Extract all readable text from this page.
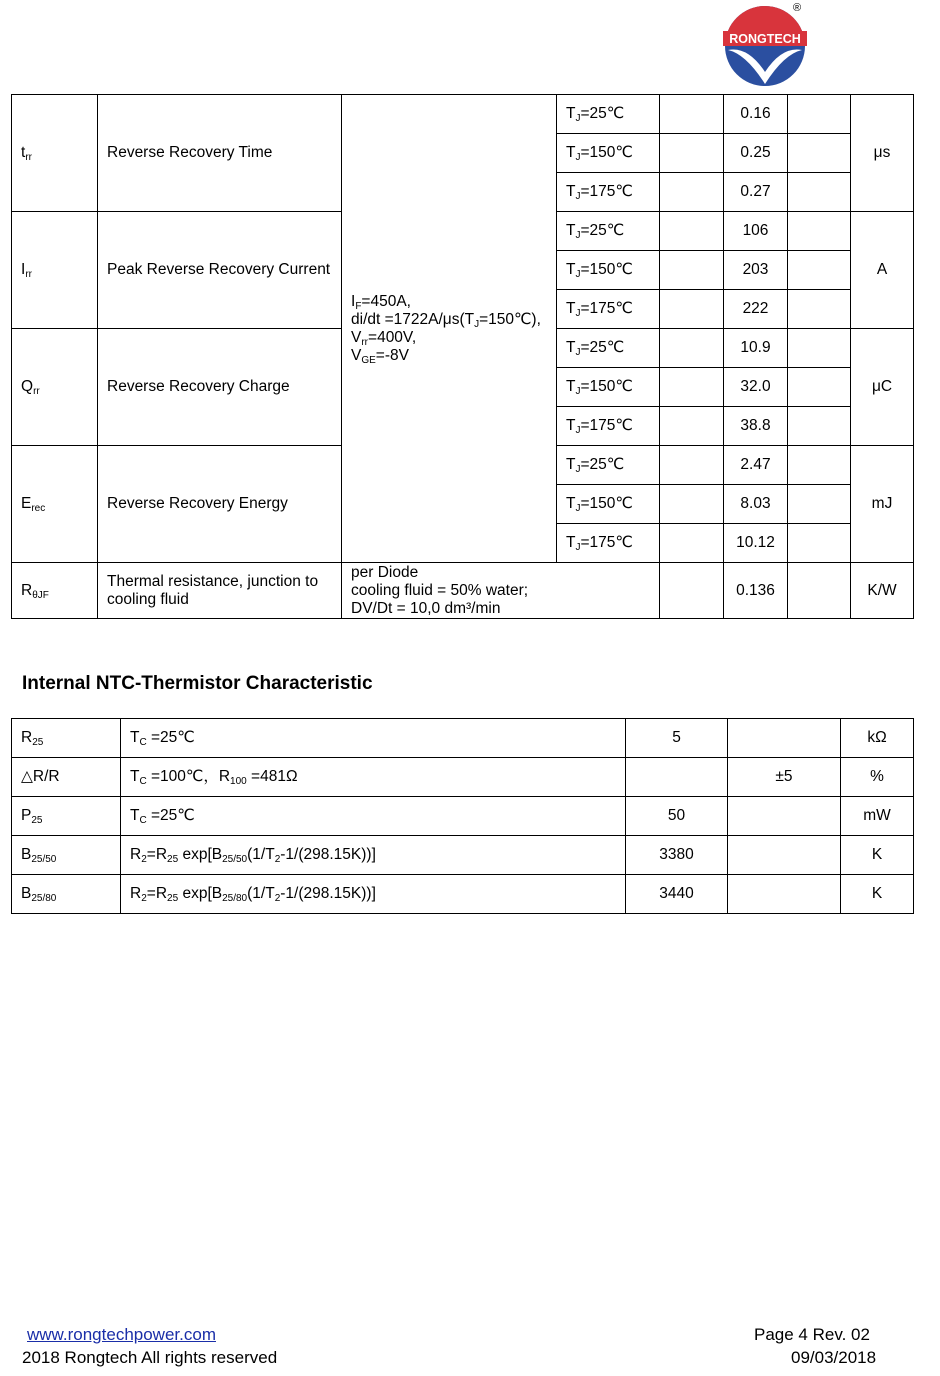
RONGTECH
®
$t_{rr}$	Reverse Recovery Time	$I_F=450A$,
$di/dt =1722A/\mu s(T_J=150℃)$,
$V_{rr}=400V$,
$V_{GE}=-8V$	$T_J=25℃$		0.16		μs
			$T_J=150℃$		0.25		
			$T_J=175℃$		0.27		
$I_{rr}$	Peak Reverse Recovery Current		$T_J=25℃$		106		A
			$T_J=150℃$		203		
			$T_J=175℃$		222		
$Q_{rr}$	Reverse Recovery Charge		$T_J=25℃$		10.9		μC
			$T_J=150℃$		32.0		
			$T_J=175℃$		38.8		
$E_{rec}$	Reverse Recovery Energy		$T_J=25℃$		2.47		mJ
			$T_J=150℃$		8.03		
			$T_J=175℃$		10.12		
$R_{\theta JF}$	Thermal resistance, junction to cooling fluid	per Diode
cooling fluid = 50% water;
DV/Dt = 10,0 dm³/min			0.136		K/W
Internal NTC-Thermistor Characteristic
$R_{25}$	$T_C$ =25℃	5		kΩ
△R/R	$T_C$ =100℃，$R_{100} =481\Omega$		±5	%
$P_{25}$	$T_C$ =25℃	50		mW
$B_{25/50}$	$R_2=R_{25}$ $\exp[B_{25/50}(1/T_2-1/(298.15K))]$	3380		K
$B_{25/80}$	$R_2=R_{25}$ $\exp[B_{25/80}(1/T_2-1/(298.15K))]$	3440		K
www.rongtechpower.com
2018 Rongtech All rights reserved
Page 4 Rev. 02
09/03/2018
